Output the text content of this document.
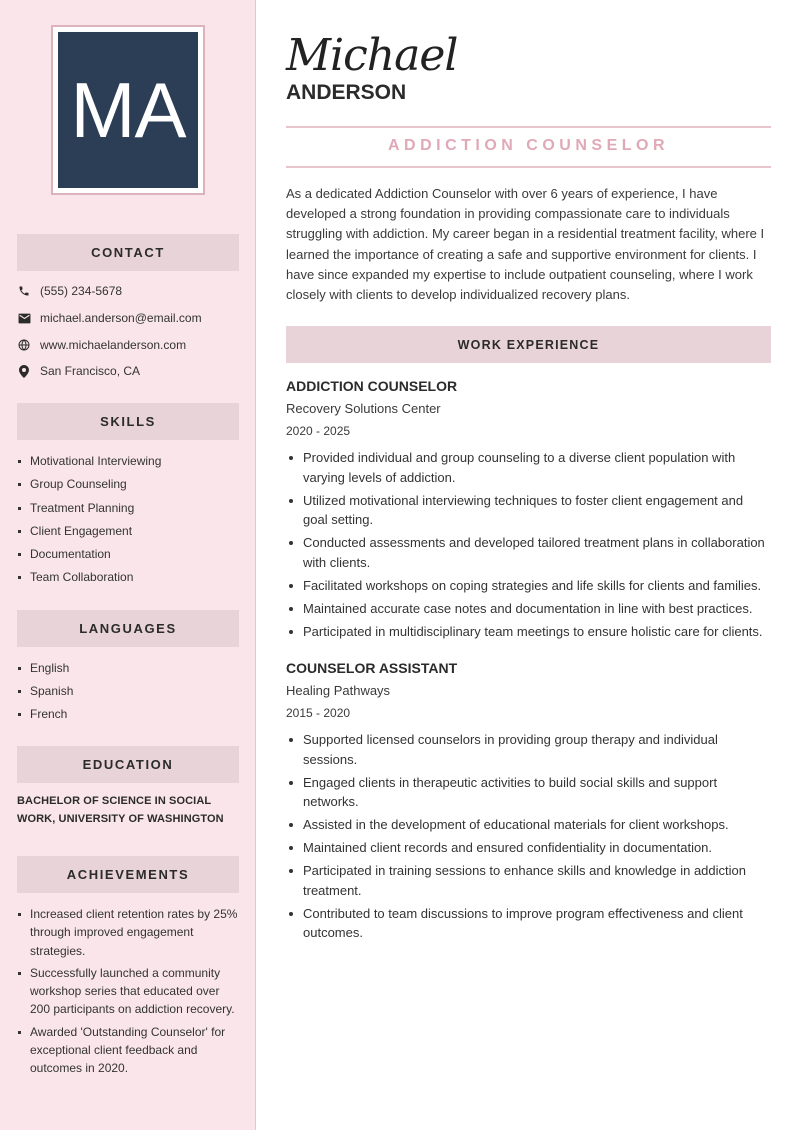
MA
CONTACT
(555) 234-5678
michael.anderson@email.com
www.michaelanderson.com
San Francisco, CA
SKILLS
Motivational Interviewing
Group Counseling
Treatment Planning
Client Engagement
Documentation
Team Collaboration
LANGUAGES
English
Spanish
French
EDUCATION
BACHELOR OF SCIENCE IN SOCIAL WORK, UNIVERSITY OF WASHINGTON
ACHIEVEMENTS
Increased client retention rates by 25% through improved engagement strategies.
Successfully launched a community workshop series that educated over 200 participants on addiction recovery.
Awarded 'Outstanding Counselor' for exceptional client feedback and outcomes in 2020.
Michael
ANDERSON
ADDICTION COUNSELOR

As a dedicated Addiction Counselor with over 6 years of experience, I have developed a strong foundation in providing compassionate care to individuals struggling with addiction. My career began in a residential treatment facility, where I learned the importance of creating a safe and supportive environment for clients. I have since expanded my expertise to include outpatient counseling, where I work closely with clients to develop individualized recovery plans.

WORK EXPERIENCE
ADDICTION COUNSELOR
Recovery Solutions Center
2020 - 2025
Provided individual and group counseling to a diverse client population with varying levels of addiction.
Utilized motivational interviewing techniques to foster client engagement and goal setting.
Conducted assessments and developed tailored treatment plans in collaboration with clients.
Facilitated workshops on coping strategies and life skills for clients and families.
Maintained accurate case notes and documentation in line with best practices.
Participated in multidisciplinary team meetings to ensure holistic care for clients.
COUNSELOR ASSISTANT
Healing Pathways
2015 - 2020
Supported licensed counselors in providing group therapy and individual sessions.
Engaged clients in therapeutic activities to build social skills and support networks.
Assisted in the development of educational materials for client workshops.
Maintained client records and ensured confidentiality in documentation.
Participated in training sessions to enhance skills and knowledge in addiction treatment.
Contributed to team discussions to improve program effectiveness and client outcomes.
